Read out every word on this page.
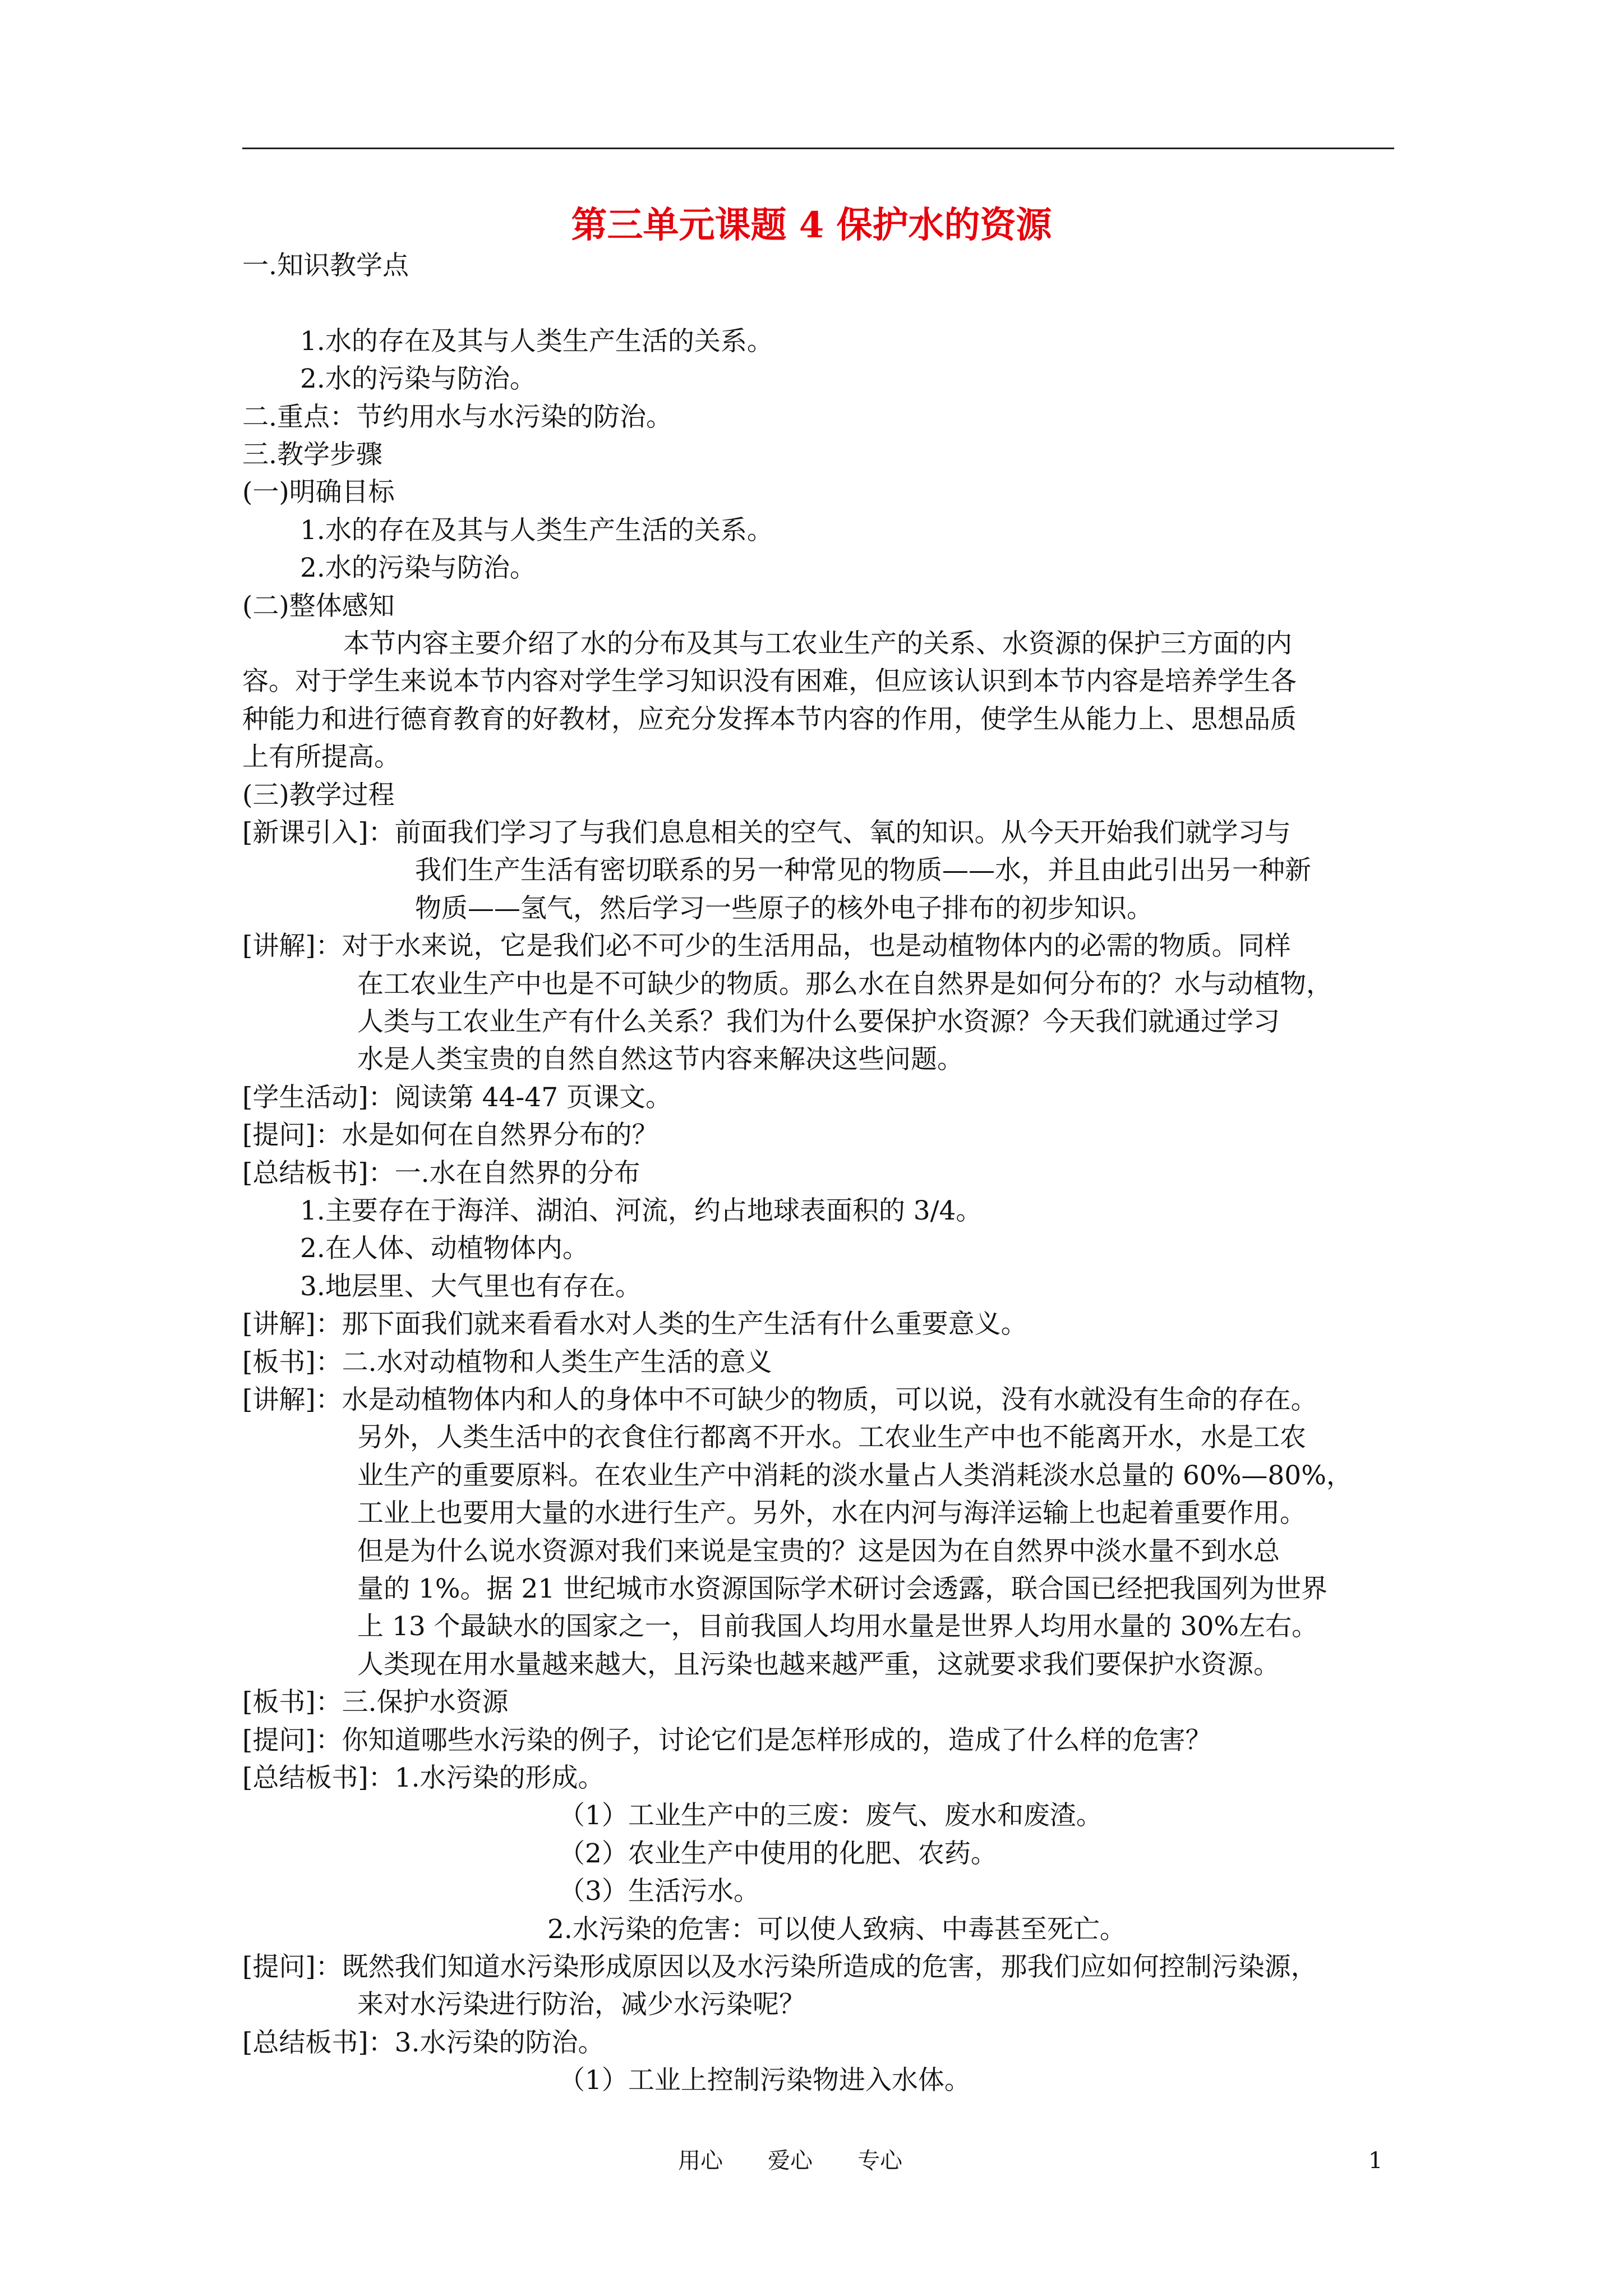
第三单元课题 4 保护水的资源
一.知识教学点
1.水的存在及其与人类生产生活的关系。
2.水的污染与防治。
二.重点：节约用水与水污染的防治。
三.教学步骤
(一)明确目标
1.水的存在及其与人类生产生活的关系。
2.水的污染与防治。
(二)整体感知
本节内容主要介绍了水的分布及其与工农业生产的关系、水资源的保护三方面的内
容。对于学生来说本节内容对学生学习知识没有困难，但应该认识到本节内容是培养学生各
种能力和进行德育教育的好教材，应充分发挥本节内容的作用，使学生从能力上、思想品质
上有所提高。
(三)教学过程
[新课引入]：前面我们学习了与我们息息相关的空气、氧的知识。从今天开始我们就学习与
我们生产生活有密切联系的另一种常见的物质——水，并且由此引出另一种新
物质——氢气，然后学习一些原子的核外电子排布的初步知识。
[讲解]：对于水来说，它是我们必不可少的生活用品，也是动植物体内的必需的物质。同样
在工农业生产中也是不可缺少的物质。那么水在自然界是如何分布的？水与动植物，
人类与工农业生产有什么关系？我们为什么要保护水资源？今天我们就通过学习
水是人类宝贵的自然自然这节内容来解决这些问题。
[学生活动]：阅读第 44-47 页课文。
[提问]：水是如何在自然界分布的？
[总结板书]：一.水在自然界的分布
1.主要存在于海洋、湖泊、河流，约占地球表面积的 3/4。
2.在人体、动植物体内。
3.地层里、大气里也有存在。
[讲解]：那下面我们就来看看水对人类的生产生活有什么重要意义。
[板书]：二.水对动植物和人类生产生活的意义
[讲解]：水是动植物体内和人的身体中不可缺少的物质，可以说，没有水就没有生命的存在。
另外，人类生活中的衣食住行都离不开水。工农业生产中也不能离开水，水是工农
业生产的重要原料。在农业生产中消耗的淡水量占人类消耗淡水总量的 60%—80%，
工业上也要用大量的水进行生产。另外，水在内河与海洋运输上也起着重要作用。
但是为什么说水资源对我们来说是宝贵的？这是因为在自然界中淡水量不到水总
量的 1%。据 21 世纪城市水资源国际学术研讨会透露，联合国已经把我国列为世界
上 13 个最缺水的国家之一，目前我国人均用水量是世界人均用水量的 30%左右。
人类现在用水量越来越大，且污染也越来越严重，这就要求我们要保护水资源。
[板书]：三.保护水资源
[提问]：你知道哪些水污染的例子，讨论它们是怎样形成的，造成了什么样的危害？
[总结板书]：1.水污染的形成。
（1）工业生产中的三废：废气、废水和废渣。
（2）农业生产中使用的化肥、农药。
（3）生活污水。
2.水污染的危害：可以使人致病、中毒甚至死亡。
[提问]：既然我们知道水污染形成原因以及水污染所造成的危害，那我们应如何控制污染源，
来对水污染进行防治，减少水污染呢？
[总结板书]：3.水污染的防治。
（1）工业上控制污染物进入水体。
用心　　爱心　　专心	1
